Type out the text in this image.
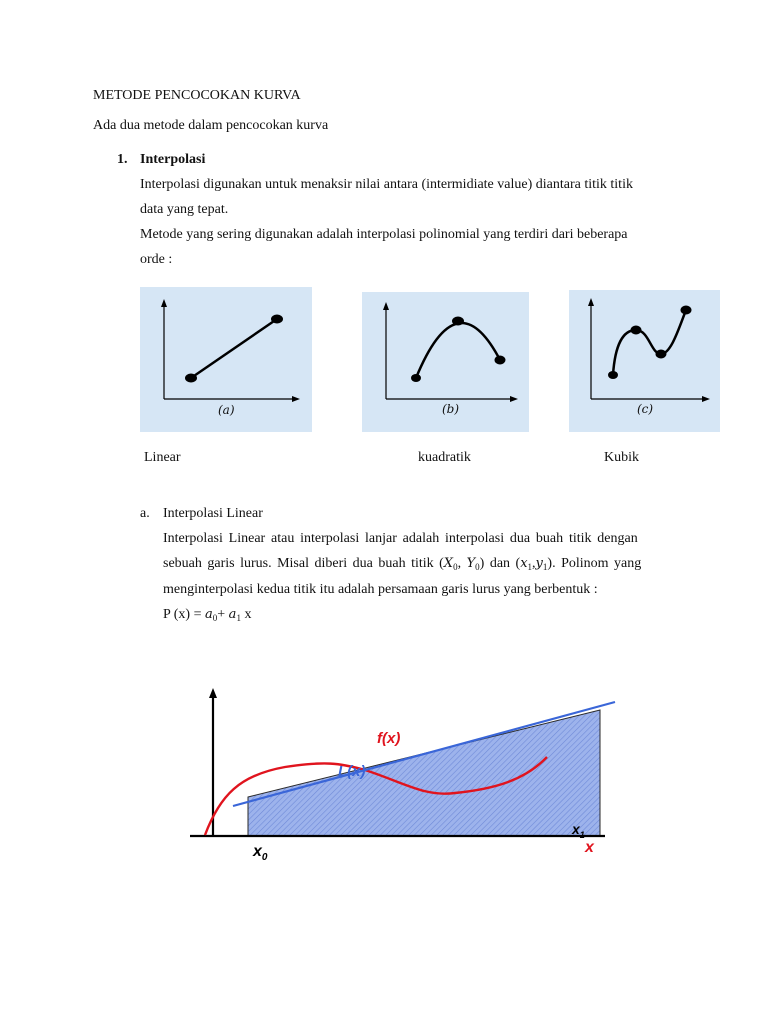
METODE PENCOCOKAN KURVA
Ada dua metode dalam pencocokan kurva
1. Interpolasi
Interpolasi digunakan untuk menaksir nilai antara (intermidiate value) diantara titik titik
data yang tepat.
Metode yang sering digunakan adalah interpolasi polinomial yang terdiri dari beberapa
orde :
(a)	(b)	(c)
Linear	kuadratik	Kubik
a. Interpolasi Linear
Interpolasi Linear atau interpolasi lanjar adalah interpolasi dua buah titik dengan
sebuah garis lurus. Misal diberi dua buah titik ($X_0$, $Y_0$) dan $(x_1,y_1)$. Polinom yang
menginterpolasi kedua titik itu adalah persamaan garis lurus yang berbentuk :
P $(x) = a_0+ a_1$ x
f(x)
L(x)
$x_0$
$x_1$
x
